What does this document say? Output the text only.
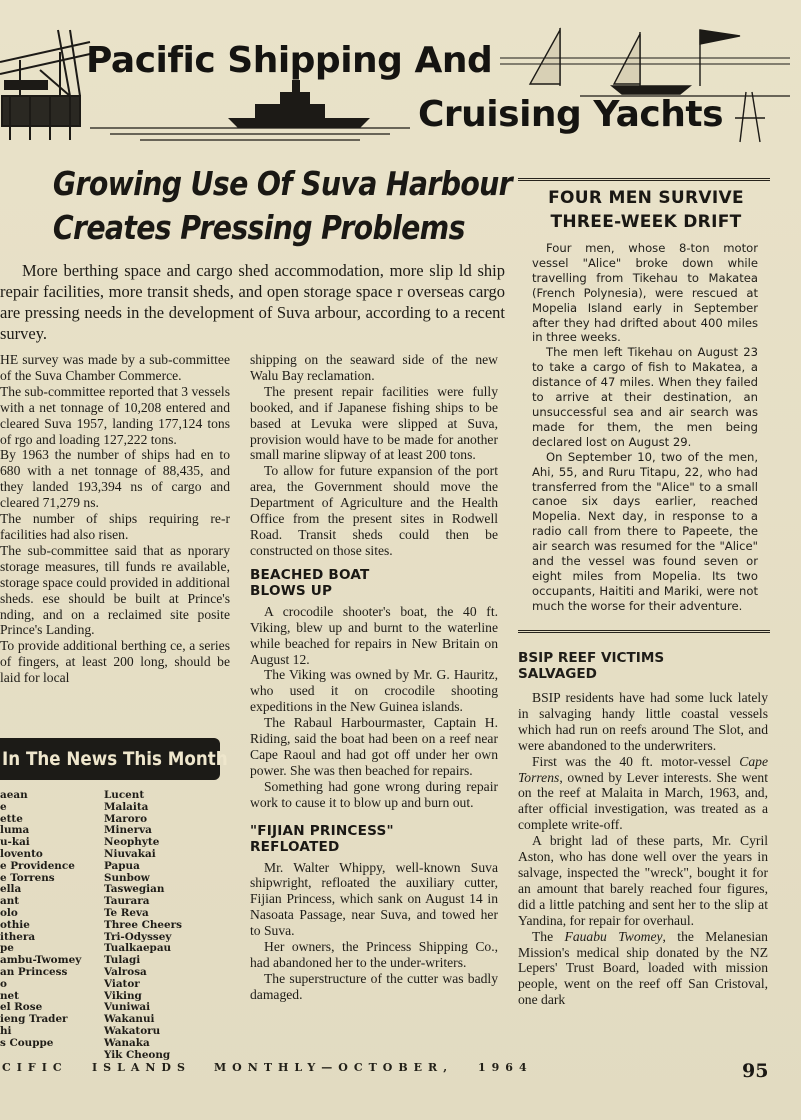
Pacific Shipping And
Cruising Yachts
Growing Use Of Suva Harbour
Creates Pressing Problems

More berthing space and cargo shed accommodation, more slip ld ship repair facilities, more transit sheds, and open storage space r overseas cargo are pressing needs in the development of Suva arbour, according to a recent survey.

HE survey was made by a sub-committee of the Suva Chamber Commerce.

The sub-committee reported that 3 vessels with a net tonnage of 10,208 entered and cleared Suva 1957, landing 177,124 tons of rgo and loading 127,222 tons.

By 1963 the number of ships had en to 680 with a net tonnage of 88,435, and they landed 193,394 ns of cargo and cleared 71,279 ns.

The number of ships requiring re-r facilities had also risen.

The sub-committee said that as nporary storage measures, till funds re available, storage space could provided in additional sheds. ese should be built at Prince's nding, and on a reclaimed site posite Prince's Landing.

To provide additional berthing ce, a series of fingers, at least 200 long, should be laid for local

shipping on the seaward side of the new Walu Bay reclamation.

The present repair facilities were fully booked, and if Japanese fishing ships to be based at Levuka were slipped at Suva, provision would have to be made for another small marine slipway of at least 200 tons.

To allow for future expansion of the port area, the Government should move the Department of Agriculture and the Health Office from the present sites in Rodwell Road. Transit sheds could then be constructed on those sites.

BEACHED BOAT
BLOWS UP

A crocodile shooter's boat, the 40 ft. Viking, blew up and burnt to the waterline while beached for repairs in New Britain on August 12.

The Viking was owned by Mr. G. Hauritz, who used it on crocodile shooting expeditions in the New Guinea islands.

The Rabaul Harbourmaster, Captain H. Riding, said the boat had been on a reef near Cape Raoul and had got off under her own power. She was then beached for repairs.

Something had gone wrong during repair work to cause it to blow up and burn out.

"FIJIAN PRINCESS"
REFLOATED

Mr. Walter Whippy, well-known Suva shipwright, refloated the auxiliary cutter, Fijian Princess, which sank on August 14 in Nasoata Passage, near Suva, and towed her to Suva.

Her owners, the Princess Shipping Co., had abandoned her to the under-writers.

The superstructure of the cutter was badly damaged.

FOUR MEN SURVIVE
THREE-WEEK DRIFT

Four men, whose 8-ton motor vessel "Alice" broke down while travelling from Tikehau to Makatea (French Polynesia), were rescued at Mopelia Island early in September after they had drifted about 400 miles in three weeks.

The men left Tikehau on August 23 to take a cargo of fish to Makatea, a distance of 47 miles. When they failed to arrive at their destination, an unsuccessful sea and air search was made for them, the men being declared lost on August 29.

On September 10, two of the men, Ahi, 55, and Ruru Titapu, 22, who had transferred from the "Alice" to a small canoe six days earlier, reached Mopelia. Next day, in response to a radio call from there to Papeete, the air search was resumed for the "Alice" and the vessel was found seven or eight miles from Mopelia. Its two occupants, Haititi and Mariki, were not much the worse for their adventure.

BSIP REEF VICTIMS
SALVAGED

BSIP residents have had some luck lately in salvaging handy little coastal vessels which had run on reefs around The Slot, and were abandoned to the underwriters.

First was the 40 ft. motor-vessel Cape Torrens, owned by Lever interests. She went on the reef at Malaita in March, 1963, and, after official investigation, was treated as a complete write-off.

A bright lad of these parts, Mr. Cyril Aston, who has done well over the years in salvage, inspected the "wreck", bought it for an amount that barely reached four figures, did a little patching and sent her to the slip at Yandina, for repair for overhaul.

The Fauabu Twomey, the Melanesian Mission's medical ship donated by the NZ Lepers' Trust Board, loaded with mission people, went on the reef off San Cristoval, one dark

In The News This Month
aean
e
ette
luma
u-kai
lovento
e Providence
e Torrens
ella
ant
olo
othie
ithera
pe
ambu-Twomey
an Princess
o
net
el Rose
ieng Trader
hi
s Couppe
Lucent
Malaita
Maroro
Minerva
Neophyte
Niuvakai
Papua
Sunbow
Taswegian
Taurara
Te Reva
Three Cheers
Tri-Odyssey
Tualkaepau
Tulagi
Valrosa
Viator
Viking
Vuniwai
Wakanui
Wakatoru
Wanaka
Yik Cheong
CIFIC ISLANDS MONTHLY—OCTOBER, 1964	95
